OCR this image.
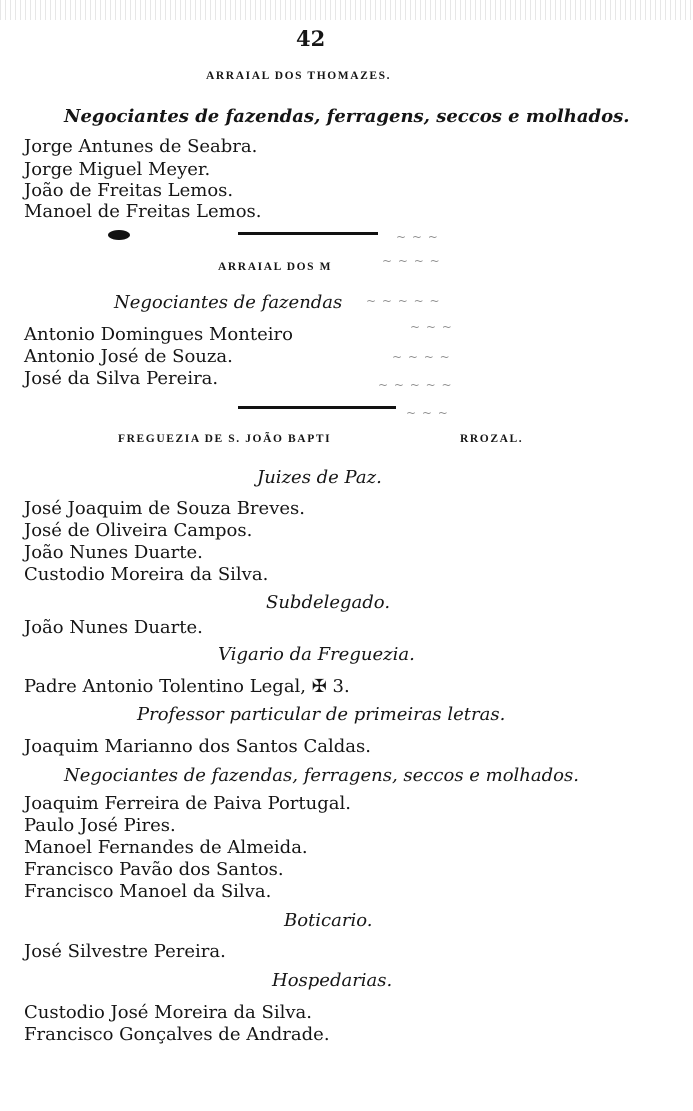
42
ARRAIAL DOS THOMAZES.
Negociantes de fazendas, ferragens, seccos e molhados.
Jorge Antunes de Seabra.
Jorge Miguel Meyer.
João de Freitas Lemos.
Manoel de Freitas Lemos.
ARRAIAL DOS M
Negociantes de fazendas
Antonio Domingues Monteiro
Antonio José de Souza.
José da Silva Pereira.
FREGUEZIA DE S. JOÃO BAPTI	RROZAL.
Juizes de Paz.
José Joaquim de Souza Breves.
José de Oliveira Campos.
João Nunes Duarte.
Custodio Moreira da Silva.
Subdelegado.
João Nunes Duarte.
Vigario da Freguezia.
Padre Antonio Tolentino Legal, ✠ 3.
Professor particular de primeiras letras.
Joaquim Marianno dos Santos Caldas.
Negociantes de fazendas, ferragens, seccos e molhados.
Joaquim Ferreira de Paiva Portugal.
Paulo José Pires.
Manoel Fernandes de Almeida.
Francisco Pavão dos Santos.
Francisco Manoel da Silva.
Boticario.
José Silvestre Pereira.
Hospedarias.
Custodio José Moreira da Silva.
Francisco Gonçalves de Andrade.
~ ~ ~
~ ~ ~ ~
~ ~ ~ ~ ~
~ ~ ~
~ ~ ~ ~
~ ~ ~ ~ ~
~ ~ ~
